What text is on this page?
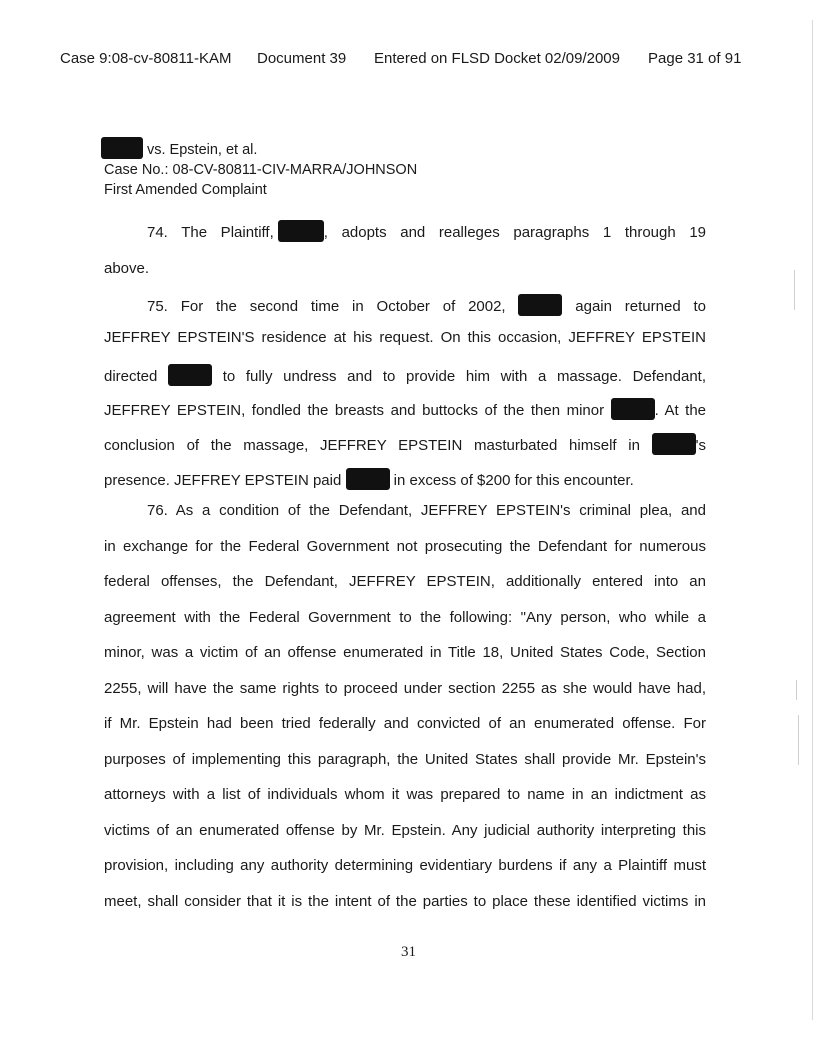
Case 9:08-cv-80811-KAM Document 39 Entered on FLSD Docket 02/09/2009 Page 31 of 91
vs. Epstein, et al.
Case No.: 08-CV-80811-CIV-MARRA/JOHNSON
First Amended Complaint
74. The Plaintiff,	, adopts and realleges paragraphs 1 through 19
above.
75. For the second time in October of 2002,	again returned to
JEFFREY EPSTEIN'S residence at his request. On this occasion, JEFFREY EPSTEIN
directed	to fully undress and to provide him with a massage. Defendant,
JEFFREY EPSTEIN, fondled the breasts and buttocks of the then minor	. At the
conclusion of the massage, JEFFREY EPSTEIN masturbated himself in	's
presence. JEFFREY EPSTEIN paid	in excess of $200 for this encounter.
76. As a condition of the Defendant, JEFFREY EPSTEIN's criminal plea, and
in exchange for the Federal Government not prosecuting the Defendant for numerous
federal offenses, the Defendant, JEFFREY EPSTEIN, additionally entered into an
agreement with the Federal Government to the following: "Any person, who while a
minor, was a victim of an offense enumerated in Title 18, United States Code, Section
2255, will have the same rights to proceed under section 2255 as she would have had,
if Mr. Epstein had been tried federally and convicted of an enumerated offense. For
purposes of implementing this paragraph, the United States shall provide Mr. Epstein's
attorneys with a list of individuals whom it was prepared to name in an indictment as
victims of an enumerated offense by Mr. Epstein. Any judicial authority interpreting this
provision, including any authority determining evidentiary burdens if any a Plaintiff must
meet, shall consider that it is the intent of the parties to place these identified victims in
31
